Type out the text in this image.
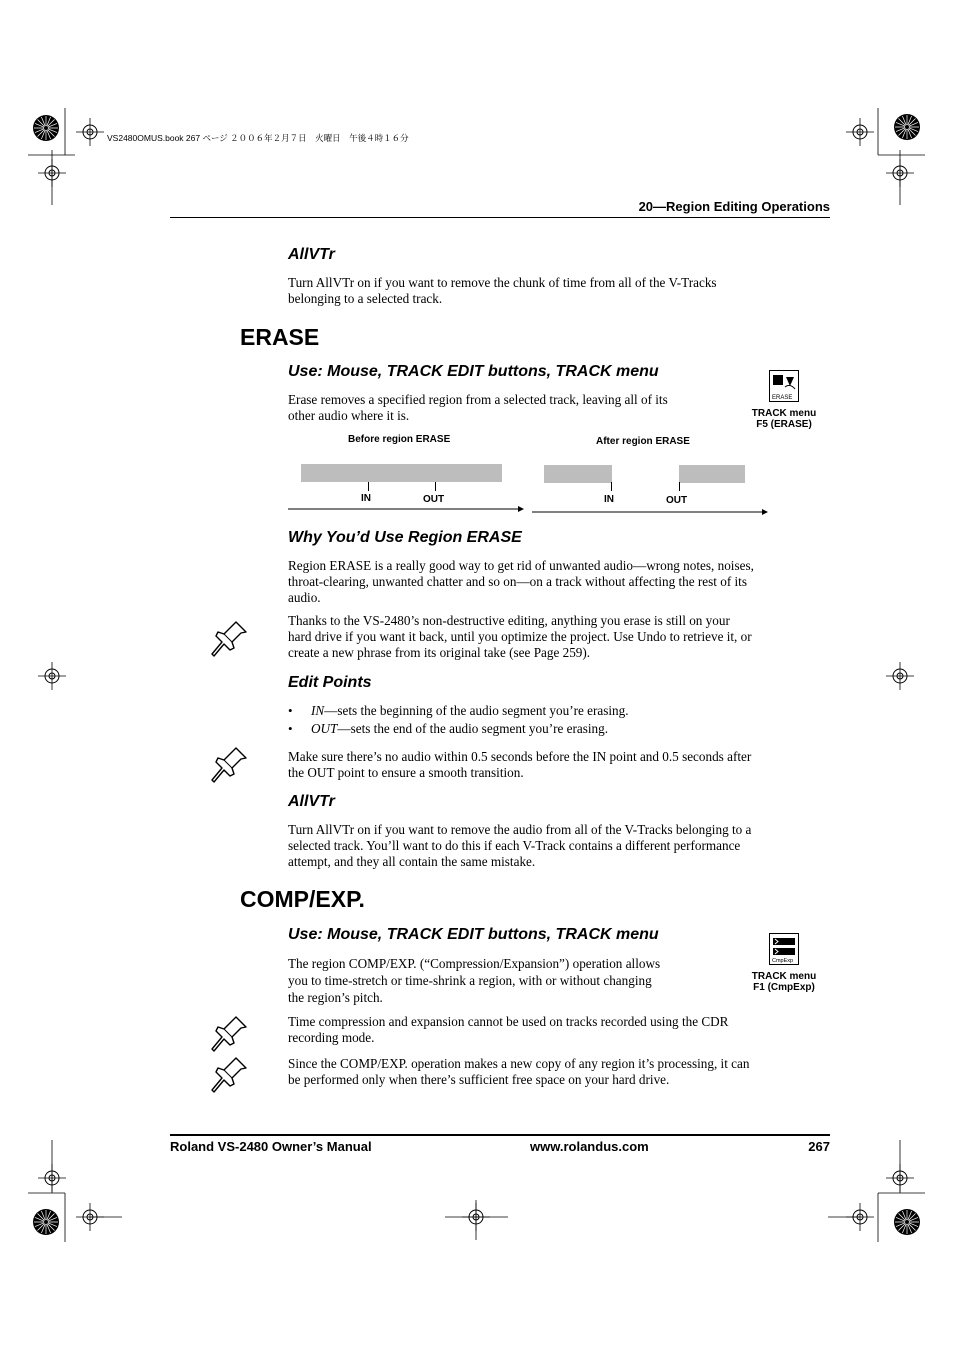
VS2480OMUS.book 267 ページ ２００６年２月７日　火曜日　午後４時１６分
20—Region Editing Operations
AllVTr
Turn AllVTr on if you want to remove the chunk of time from all of the V-Tracks
belonging to a selected track.
ERASE
Use: Mouse, TRACK EDIT buttons, TRACK menu
Erase removes a specified region from a selected track, leaving all of its
other audio where it is.
ERASE
TRACK menu
F5 (ERASE)
Before region ERASE	After region ERASE
IN	OUT	IN	OUT
Why You’d Use Region ERASE
Region ERASE is a really good way to get rid of unwanted audio—wrong notes, noises,
throat-clearing, unwanted chatter and so on—on a track without affecting the rest of its
audio.
Thanks to the VS-2480’s non-destructive editing, anything you erase is still on your
hard drive if you want it back, until you optimize the project. Use Undo to retrieve it, or
create a new phrase from its original take (see Page 259).
Edit Points
• IN—sets the beginning of the audio segment you’re erasing.
• OUT—sets the end of the audio segment you’re erasing.
Make sure there’s no audio within 0.5 seconds before the IN point and 0.5 seconds after
the OUT point to ensure a smooth transition.
AllVTr
Turn AllVTr on if you want to remove the audio from all of the V-Tracks belonging to a
selected track. You’ll want to do this if each V-Track contains a different performance
attempt, and they all contain the same mistake.
COMP/EXP.
Use: Mouse, TRACK EDIT buttons, TRACK menu
The region COMP/EXP. (“Compression/Expansion”) operation allows
you to time-stretch or time-shrink a region, with or without changing
the region’s pitch.
CmpExp
TRACK menu
F1 (CmpExp)
Time compression and expansion cannot be used on tracks recorded using the CDR
recording mode.
Since the COMP/EXP. operation makes a new copy of any region it’s processing, it can
be performed only when there’s sufficient free space on your hard drive.
Roland VS-2480 Owner’s Manual	www.rolandus.com	267
